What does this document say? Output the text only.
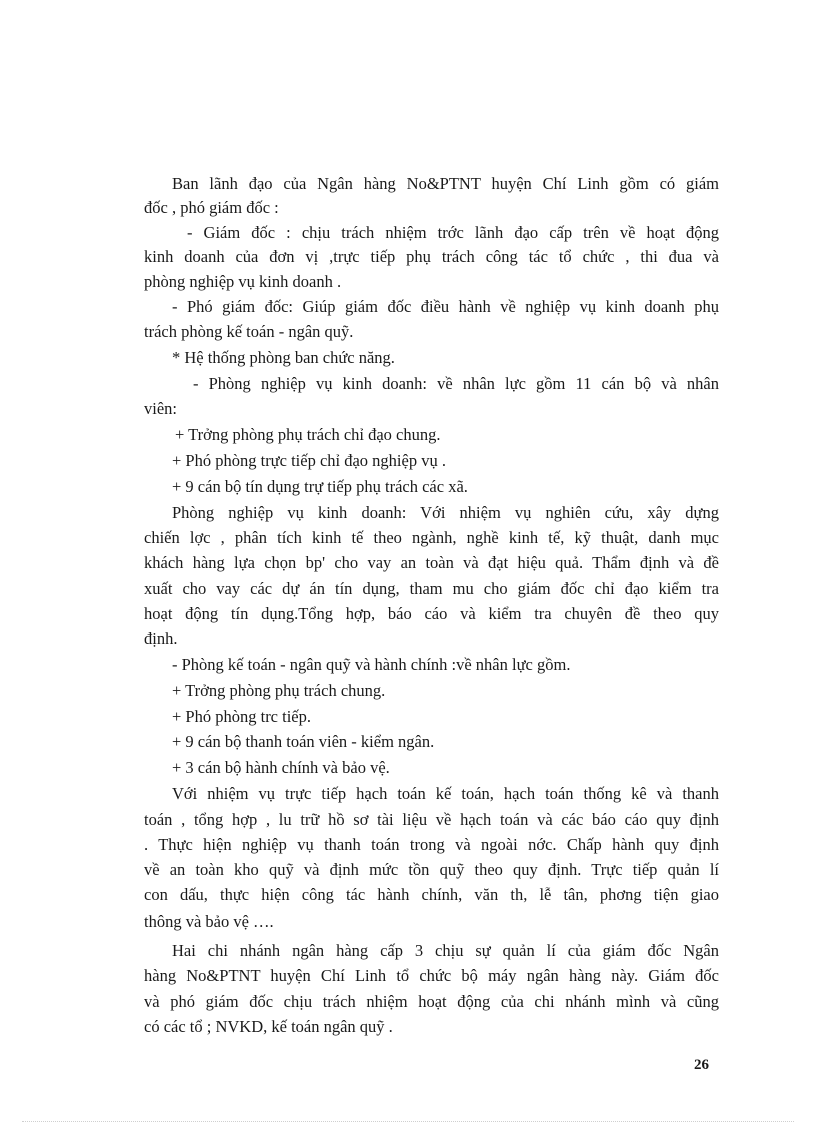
Ban lãnh đạo của Ngân hàng No&PTNT huyện Chí Linh gồm có giám
đốc , phó giám đốc :
- Giám đốc : chịu trách nhiệm trớc lãnh đạo cấp trên về hoạt động
kinh doanh của đơn vị ,trực tiếp phụ trách công tác tổ chức , thi đua và
phòng nghiệp vụ kinh doanh .
- Phó giám đốc: Giúp giám đốc điều hành về nghiệp vụ kinh doanh phụ
trách phòng kế toán - ngân quỹ.
* Hệ thống phòng ban chức năng.
- Phòng nghiệp vụ kinh doanh: về nhân lực gồm 11 cán bộ và nhân
viên:
+ Trởng phòng phụ trách chỉ đạo chung.
+ Phó phòng trực tiếp chỉ đạo nghiệp vụ .
+ 9 cán bộ tín dụng trự tiếp phụ trách các xã.
Phòng nghiệp vụ kinh doanh: Với nhiệm vụ nghiên cứu, xây dựng
chiến lợc , phân tích kinh tế theo ngành, nghề kinh tế, kỹ thuật, danh mục
khách hàng lựa chọn bp' cho vay an toàn và đạt hiệu quả. Thẩm định và đề
xuất cho vay các dự án tín dụng, tham mu cho giám đốc chỉ đạo kiểm tra
hoạt động tín dụng.Tổng hợp, báo cáo và kiểm tra chuyên đề theo quy
định.
- Phòng kế toán - ngân quỹ và hành chính :về nhân lực gồm.
+ Trởng phòng phụ trách chung.
+ Phó phòng trc tiếp.
+ 9 cán bộ thanh toán viên - kiểm ngân.
+ 3 cán bộ hành chính và bảo vệ.
Với nhiệm vụ trực tiếp hạch toán kế toán, hạch toán thống kê và thanh
toán , tổng hợp , lu trữ hồ sơ tài liệu về hạch toán và các báo cáo quy định
. Thực hiện nghiệp vụ thanh toán trong và ngoài nớc. Chấp hành quy định
về an toàn kho quỹ và định mức tồn quỹ theo quy định. Trực tiếp quản lí
con dấu, thực hiện công tác hành chính, văn th, lễ tân, phơng tiện giao
thông và bảo vệ ….
Hai chi nhánh ngân hàng cấp 3 chịu sự quản lí của giám đốc Ngân
hàng No&PTNT huyện Chí Linh tổ chức bộ máy ngân hàng này. Giám đốc
và phó giám đốc chịu trách nhiệm hoạt động của chi nhánh mình và cũng
có các tổ ; NVKD, kế toán ngân quỹ .
26
